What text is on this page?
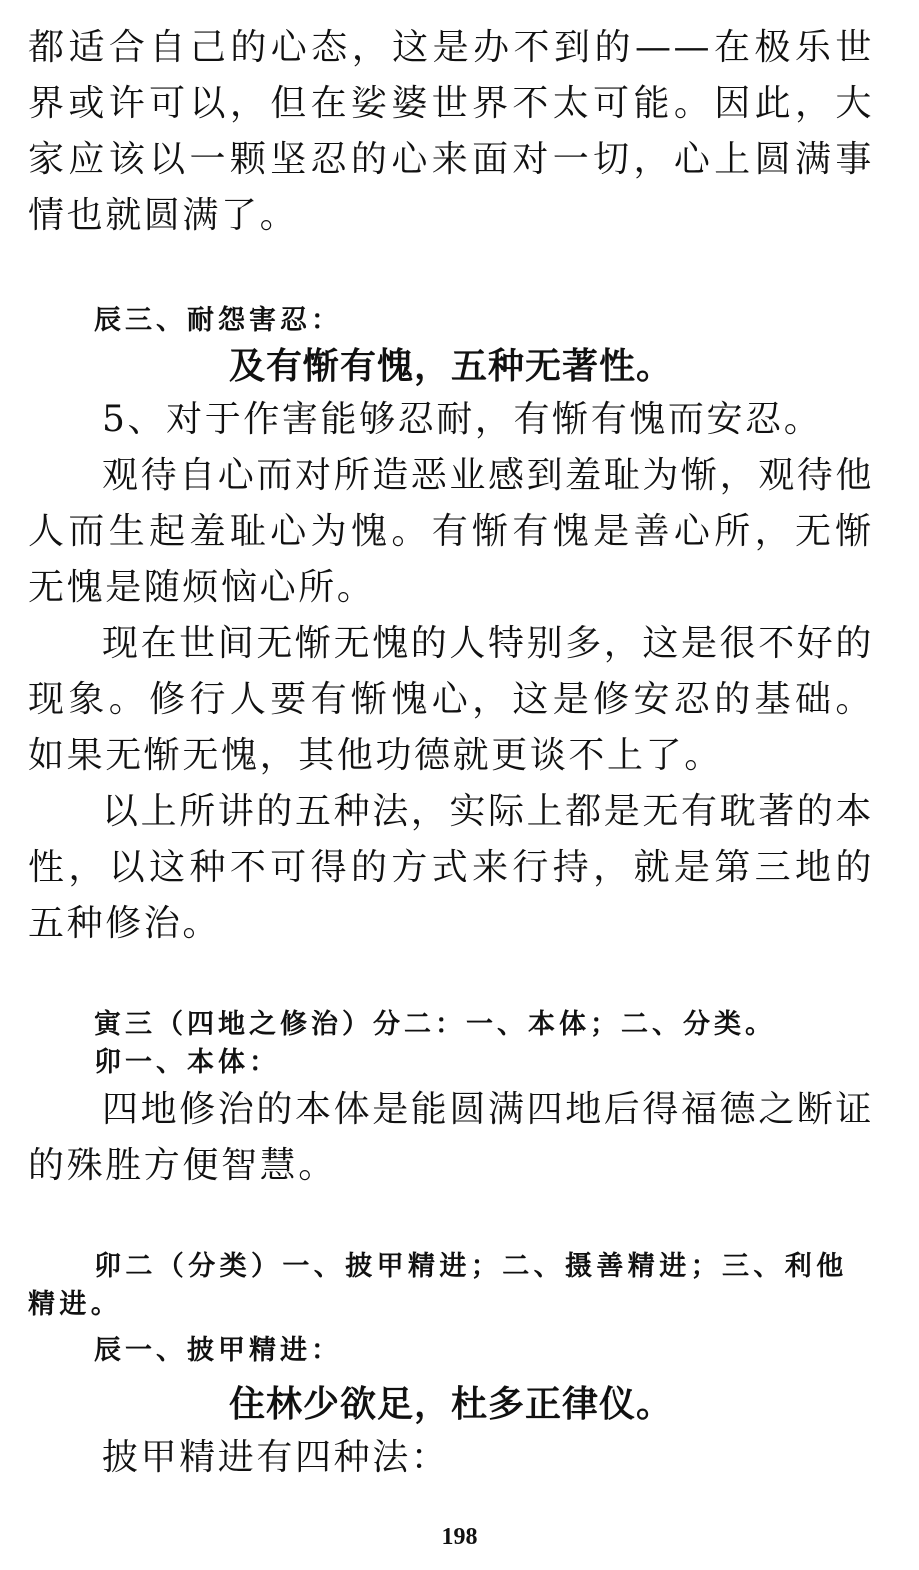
都适合自己的心态，这是办不到的——在极乐世界或许可以，但在娑婆世界不太可能。因此，大家应该以一颗坚忍的心来面对一切，心上圆满事情也就圆满了。

辰三、耐怨害忍：

及有惭有愧，五种无著性。

5、对于作害能够忍耐，有惭有愧而安忍。

观待自心而对所造恶业感到羞耻为惭，观待他人而生起羞耻心为愧。有惭有愧是善心所，无惭无愧是随烦恼心所。

现在世间无惭无愧的人特别多，这是很不好的现象。修行人要有惭愧心，这是修安忍的基础。如果无惭无愧，其他功德就更谈不上了。

以上所讲的五种法，实际上都是无有耽著的本性，以这种不可得的方式来行持，就是第三地的五种修治。

寅三（四地之修治）分二：一、本体；二、分类。

卯一、本体：

四地修治的本体是能圆满四地后得福德之断证的殊胜方便智慧。

卯二（分类）一、披甲精进；二、摄善精进；三、利他精进。

辰一、披甲精进：

住林少欲足，杜多正律仪。

披甲精进有四种法：

198
